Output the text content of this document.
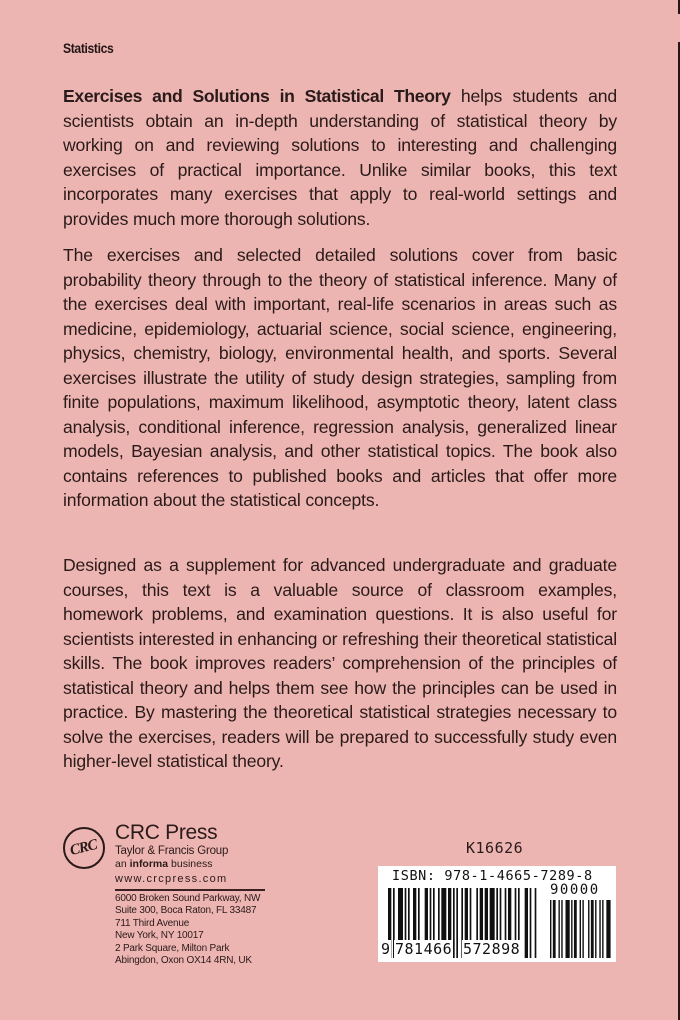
Statistics

Exercises and Solutions in Statistical Theory helps students and scientists obtain an in-depth understanding of statistical theory by working on and reviewing solutions to interesting and challenging exercises of practical importance. Unlike similar books, this text incorporates many exercises that apply to real-world settings and provides much more thorough solutions.

The exercises and selected detailed solutions cover from basic probability theory through to the theory of statistical inference. Many of the exercises deal with important, real-life scenarios in areas such as medicine, epidemiology, actuarial science, social science, engineering, physics, chemistry, biology, environmental health, and sports. Several exercises illustrate the utility of study design strategies, sampling from finite populations, maximum likelihood, asymptotic theory, latent class analysis, conditional inference, regression analysis, generalized linear models, Bayesian analysis, and other statistical topics. The book also contains references to published books and articles that offer more information about the statistical concepts.

Designed as a supplement for advanced undergraduate and graduate courses, this text is a valuable source of classroom examples, homework problems, and examination questions. It is also useful for scientists interested in enhancing or refreshing their theoretical statistical skills. The book improves readers’ comprehension of the principles of statistical theory and helps them see how the principles can be used in practice. By mastering the theoretical statistical strategies necessary to solve the exercises, readers will be prepared to successfully study even higher-level statistical theory.

CRC
CRC Press
Taylor & Francis Group
an informa business
www.crcpress.com
6000 Broken Sound Parkway, NW
Suite 300, Boca Raton, FL 33487
711 Third Avenue
New York, NY 10017
2 Park Square, Milton Park
Abingdon, Oxon OX14 4RN, UK
K16626
ISBN: 978-1-4665-7289-8
90000
9 781466 572898
